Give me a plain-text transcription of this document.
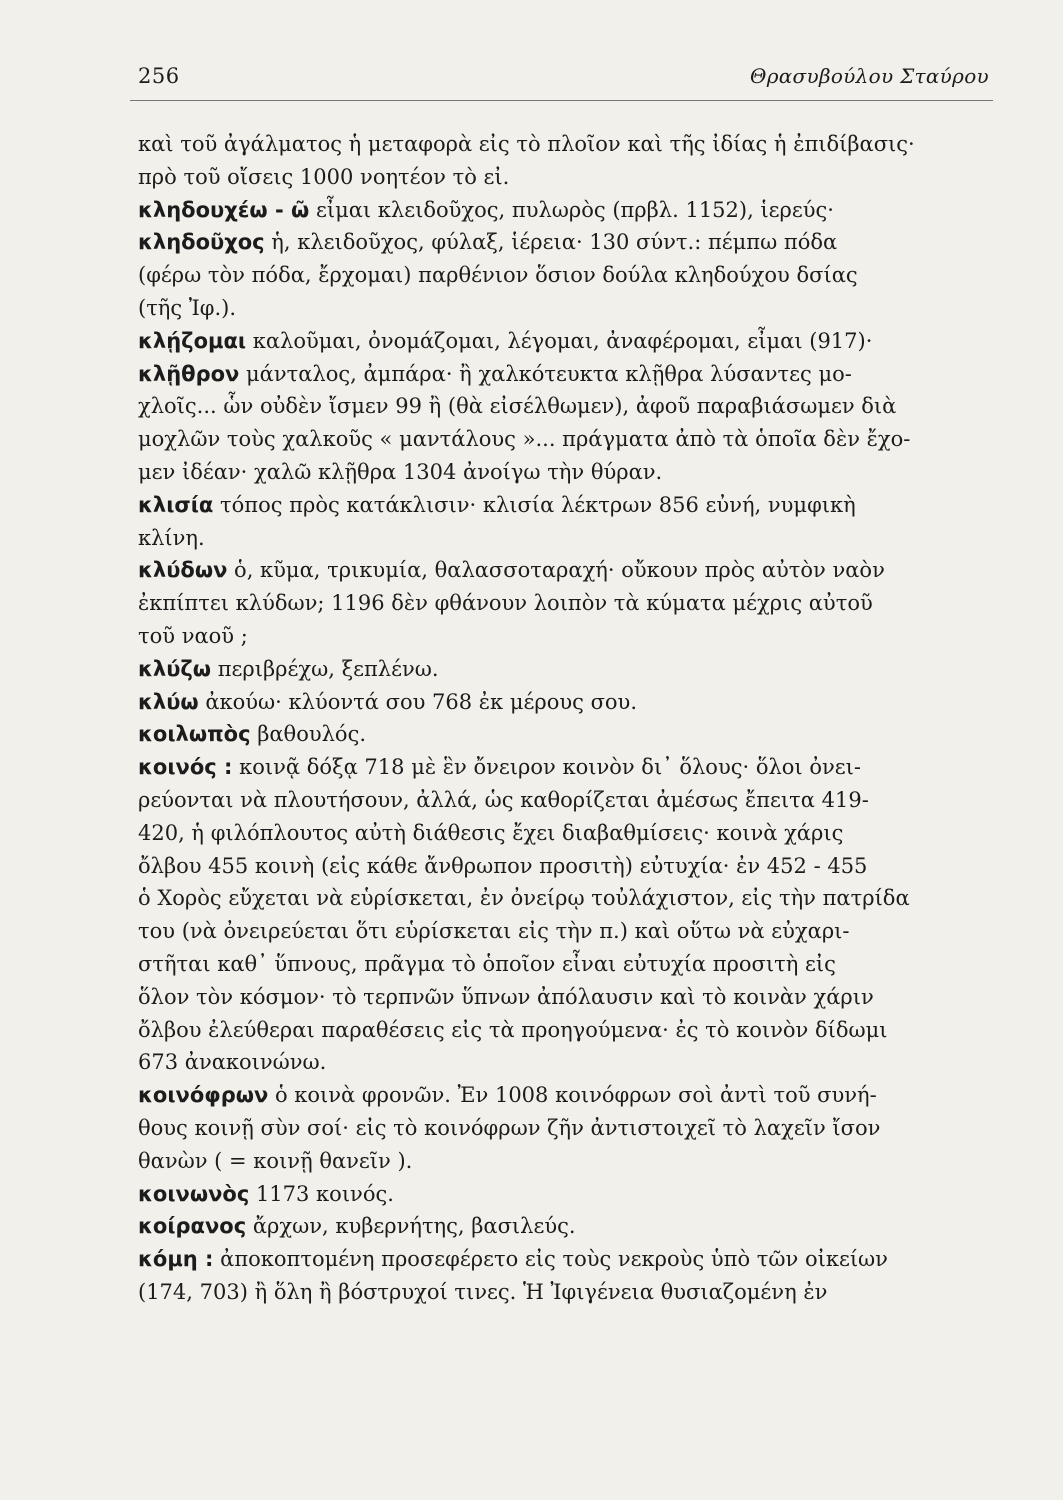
256	Θρασυβούλου Σταύρου
καὶ τοῦ ἀγάλματος ἡ μεταφορὰ εἰς τὸ πλοῖον καὶ τῆς ἰδίας ἡ ἐπιδίβασις·
πρὸ τοῦ οἴσεις 1000 νοητέον τὸ εἰ.
κληδουχέω - ῶ εἶμαι κλειδοῦχος, πυλωρὸς (πρβλ. 1152), ἱερεύς·
κληδοῦχος ἡ, κλειδοῦχος, φύλαξ, ἱέρεια· 130 σύντ.: πέμπω πόδα
(φέρω τὸν πόδα, ἔρχομαι) παρθένιον ὅσιον δούλα κληδούχου δσίας
(τῆς Ἰφ.).
κλῄζομαι καλοῦμαι, ὀνομάζομαι, λέγομαι, ἀναφέρομαι, εἶμαι (917)·
κλῇθρον μάνταλος, ἀμπάρα· ἢ χαλκότευκτα κλῇθρα λύσαντες μο-
χλοῖς... ὧν οὐδὲν ἴσμεν 99 ἢ (θὰ εἰσέλθωμεν), ἀφοῦ παραβιάσωμεν διὰ
μοχλῶν τοὺς χαλκοῦς « μαντάλους »... πράγματα ἀπὸ τὰ ὁποῖα δὲν ἔχο-
μεν ἰδέαν· χαλῶ κλῇθρα 1304 ἀνοίγω τὴν θύραν.
κλισία τόπος πρὸς κατάκλισιν· κλισία λέκτρων 856 εὐνή, νυμφικὴ
κλίνη.
κλύδων ὁ, κῦμα, τρικυμία, θαλασσοταραχή· οὔκουν πρὸς αὐτὸν ναὸν
ἐκπίπτει κλύδων; 1196 δὲν φθάνουν λοιπὸν τὰ κύματα μέχρις αὐτοῦ
τοῦ ναοῦ ;
κλύζω περιβρέχω, ξεπλένω.
κλύω ἀκούω· κλύοντά σου 768 ἐκ μέρους σου.
κοιλωπὸς βαθουλός.
κοινός : κοινᾷ δόξᾳ 718 μὲ ἓν ὄνειρον κοινὸν δι᾿ ὅλους· ὅλοι ὀνει-
ρεύονται νὰ πλουτήσουν, ἀλλά, ὡς καθορίζεται ἀμέσως ἔπειτα 419-
420, ἡ φιλόπλουτος αὐτὴ διάθεσις ἔχει διαβαθμίσεις· κοινὰ χάρις
ὄλβου 455 κοινὴ (εἰς κάθε ἄνθρωπον προσιτὴ) εὐτυχία· ἐν 452 - 455
ὁ Χορὸς εὔχεται νὰ εὑρίσκεται, ἐν ὀνείρῳ τοὐλάχιστον, εἰς τὴν πατρίδα
του (νὰ ὀνειρεύεται ὅτι εὑρίσκεται εἰς τὴν π.) καὶ οὕτω νὰ εὐχαρι-
στῆται καθ᾿ ὕπνους, πρᾶγμα τὸ ὁποῖον εἶναι εὐτυχία προσιτὴ εἰς
ὅλον τὸν κόσμον· τὸ τερπνῶν ὕπνων ἀπόλαυσιν καὶ τὸ κοινὰν χάριν
ὄλβου ἐλεύθεραι παραθέσεις εἰς τὰ προηγούμενα· ἐς τὸ κοινὸν δίδωμι
673 ἀνακοινώνω.
κοινόφρων ὁ κοινὰ φρονῶν. Ἐν 1008 κοινόφρων σοὶ ἀντὶ τοῦ συνή-
θους κοινῇ σὺν σοί· εἰς τὸ κοινόφρων ζῆν ἀντιστοιχεῖ τὸ λαχεῖν ἴσον
θανὼν ( = κοινῇ θανεῖν ).
κοινωνὸς 1173 κοινός.
κοίρανος ἄρχων, κυβερνήτης, βασιλεύς.
κόμη : ἀποκοπτομένη προσεφέρετο εἰς τοὺς νεκροὺς ὑπὸ τῶν οἰκείων
(174, 703) ἢ ὅλη ἢ βόστρυχοί τινες. Ἡ Ἰφιγένεια θυσιαζομένη ἐν
